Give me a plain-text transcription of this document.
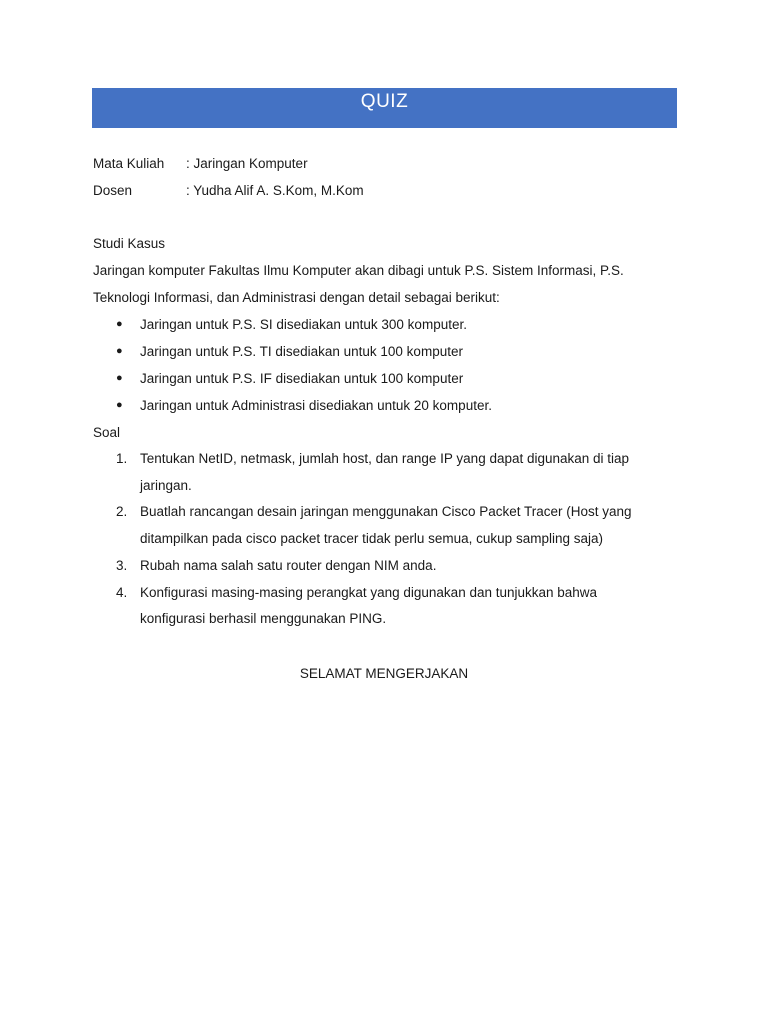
QUIZ
Mata Kuliah	: Jaringan Komputer
Dosen	: Yudha Alif A. S.Kom, M.Kom
Studi Kasus
Jaringan komputer Fakultas Ilmu Komputer akan dibagi untuk P.S. Sistem Informasi, P.S. Teknologi Informasi, dan Administrasi dengan detail sebagai berikut:
● Jaringan untuk P.S. SI disediakan untuk 300 komputer.
● Jaringan untuk P.S. TI disediakan untuk 100 komputer
● Jaringan untuk P.S. IF disediakan untuk 100 komputer
● Jaringan untuk Administrasi disediakan untuk 20 komputer.
Soal
1. Tentukan NetID, netmask, jumlah host, dan range IP yang dapat digunakan di tiap jaringan.
2. Buatlah rancangan desain jaringan menggunakan Cisco Packet Tracer (Host yang ditampilkan pada cisco packet tracer tidak perlu semua, cukup sampling saja)
3. Rubah nama salah satu router dengan NIM anda.
4. Konfigurasi masing-masing perangkat yang digunakan dan tunjukkan bahwa konfigurasi berhasil menggunakan PING.
SELAMAT MENGERJAKAN
